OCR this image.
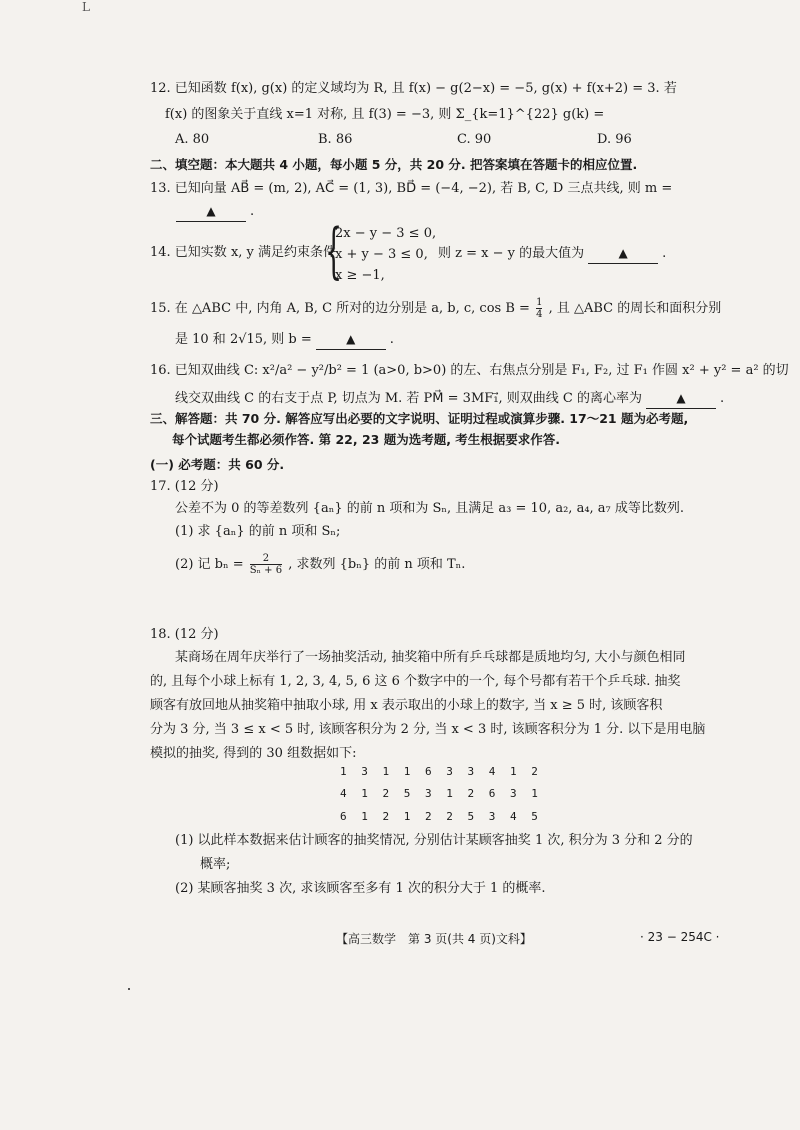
L
12. 已知函数 f(x), g(x) 的定义域均为 R, 且 f(x) − g(2−x) = −5, g(x) + f(x+2) = 3. 若
f(x) 的图象关于直线 x=1 对称, 且 f(3) = −3, 则 Σ_{k=1}^{22} g(k) =
A. 80	B. 86	C. 90	D. 96
二、填空题：本大题共 4 小题，每小题 5 分，共 20 分. 把答案填在答题卡的相应位置.
13. 已知向量 AB⃗ = (m, 2), AC⃗ = (1, 3), BD⃗ = (−4, −2), 若 B, C, D 三点共线, 则 m =
▲	.
14. 已知实数 x, y 满足约束条件
{
2x − y − 3 ≤ 0,
x + y − 3 ≤ 0,
x ≥ −1,
则 z = x − y 的最大值为	▲	.
15. 在 △ABC 中, 内角 A, B, C 所对的边分别是 a, b, c, $\cos B = \frac{1}{4}$ , 且 △ABC 的周长和面积分别
是 10 和 2√15, 则 b =	▲	.
16. 已知双曲线 C: x²/a² − y²/b² = 1 (a>0, b>0) 的左、右焦点分别是 F₁, F₂, 过 F₁ 作圆 x² + y² = a² 的切
线交双曲线 C 的右支于点 P, 切点为 M. 若 PM⃗ = 3MF₁⃗, 则双曲线 C 的离心率为	▲	.
三、解答题：共 70 分. 解答应写出必要的文字说明、证明过程或演算步骤. 17～21 题为必考题,
每个试题考生都必须作答. 第 22, 23 题为选考题, 考生根据要求作答.
(一) 必考题：共 60 分.
17. (12 分)
公差不为 0 的等差数列 {aₙ} 的前 n 项和为 Sₙ, 且满足 a₃ = 10, a₂, a₄, a₇ 成等比数列.
(1) 求 {aₙ} 的前 n 项和 Sₙ;
(2) 记 $b_n = \frac{2}{\text{Sₙ + 6}}$ , 求数列 {bₙ} 的前 n 项和 Tₙ.
18. (12 分)
某商场在周年庆举行了一场抽奖活动, 抽奖箱中所有乒乓球都是质地均匀, 大小与颜色相同
的, 且每个小球上标有 1, 2, 3, 4, 5, 6 这 6 个数字中的一个, 每个号都有若干个乒乓球. 抽奖
顾客有放回地从抽奖箱中抽取小球, 用 x 表示取出的小球上的数字, 当 x ≥ 5 时, 该顾客积
分为 3 分, 当 3 ≤ x < 5 时, 该顾客积分为 2 分, 当 x < 3 时, 该顾客积分为 1 分. 以下是用电脑
模拟的抽奖, 得到的 30 组数据如下:
1 3 1 1 6 3 3 4 1 2
4 1 2 5 3 1 2 6 3 1
6 1 2 1 2 2 5 3 4 5
(1) 以此样本数据来估计顾客的抽奖情况, 分别估计某顾客抽奖 1 次, 积分为 3 分和 2 分的
概率;
(2) 某顾客抽奖 3 次, 求该顾客至多有 1 次的积分大于 1 的概率.
【高三数学　第 3 页(共 4 页)文科】	· 23 − 254C ·
